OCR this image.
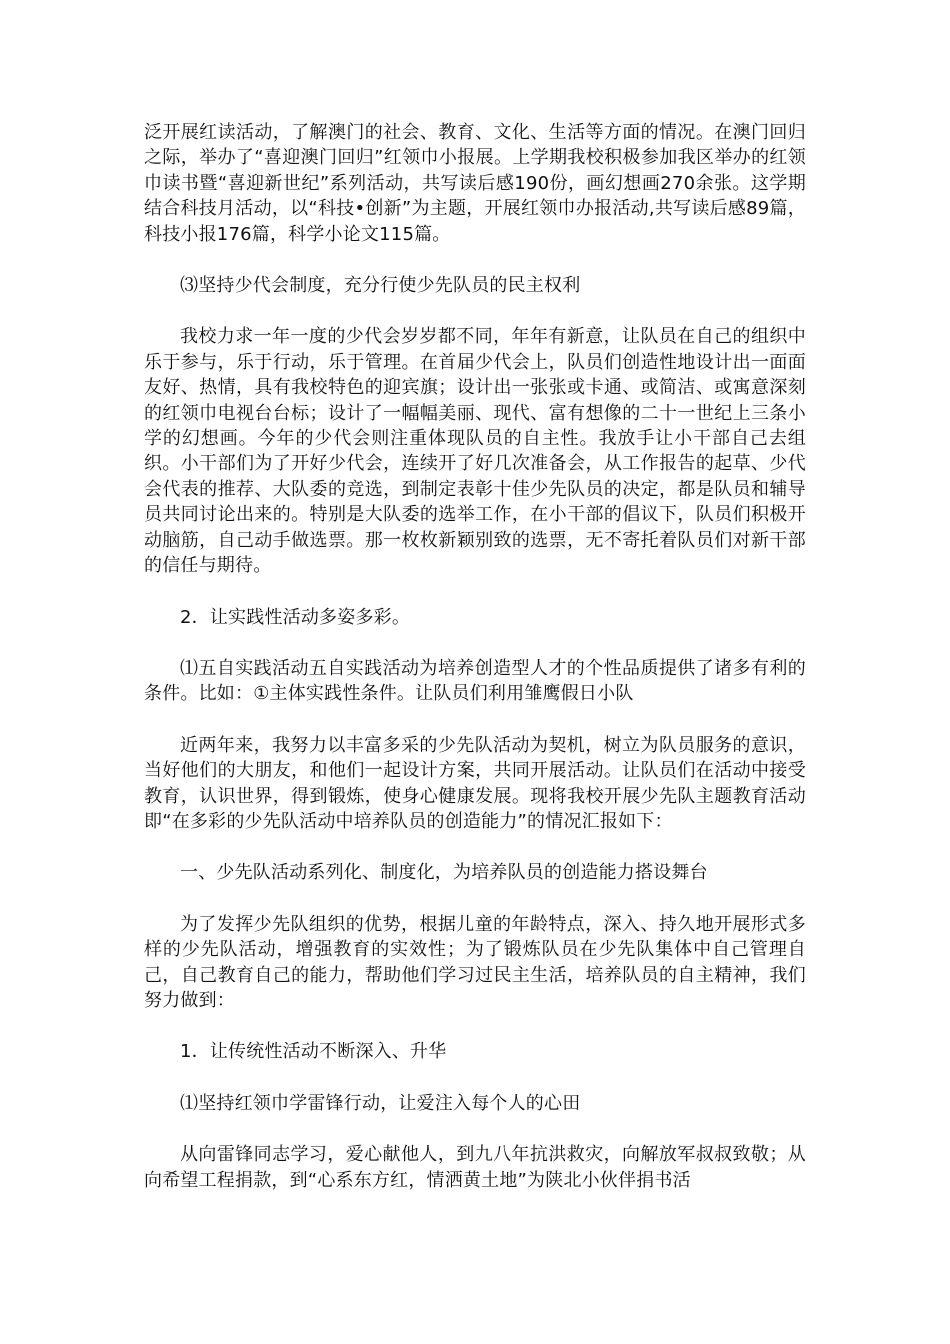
泛开展红读活动，了解澳门的社会、教育、文化、生活等方面的情况。在澳门回归之际，举办了“喜迎澳门回归”红领巾小报展。上学期我校积极参加我区举办的红领巾读书暨“喜迎新世纪”系列活动，共写读后感190份，画幻想画270余张。这学期结合科技月活动，以“科技•创新”为主题，开展红领巾办报活动,共写读后感89篇，科技小报176篇，科学小论文115篇。

⑶坚持少代会制度，充分行使少先队员的民主权利

我校力求一年一度的少代会岁岁都不同，年年有新意，让队员在自己的组织中乐于参与，乐于行动，乐于管理。在首届少代会上，队员们创造性地设计出一面面友好、热情，具有我校特色的迎宾旗；设计出一张张或卡通、或简洁、或寓意深刻的红领巾电视台台标；设计了一幅幅美丽、现代、富有想像的二十一世纪上三条小学的幻想画。今年的少代会则注重体现队员的自主性。我放手让小干部自己去组织。小干部们为了开好少代会，连续开了好几次准备会，从工作报告的起草、少代会代表的推荐、大队委的竞选，到制定表彰十佳少先队员的决定，都是队员和辅导员共同讨论出来的。特别是大队委的选举工作，在小干部的倡议下，队员们积极开动脑筋，自己动手做选票。那一枚枚新颖别致的选票，无不寄托着队员们对新干部的信任与期待。

2．让实践性活动多姿多彩。

⑴五自实践活动五自实践活动为培养创造型人才的个性品质提供了诸多有利的条件。比如：①主体实践性条件。让队员们利用雏鹰假日小队

近两年来，我努力以丰富多采的少先队活动为契机，树立为队员服务的意识，当好他们的大朋友，和他们一起设计方案，共同开展活动。让队员们在活动中接受教育，认识世界，得到锻炼，使身心健康发展。现将我校开展少先队主题教育活动即“在多彩的少先队活动中培养队员的创造能力”的情况汇报如下：

一、少先队活动系列化、制度化，为培养队员的创造能力搭设舞台

为了发挥少先队组织的优势，根据儿童的年龄特点，深入、持久地开展形式多样的少先队活动，增强教育的实效性；为了锻炼队员在少先队集体中自己管理自己，自己教育自己的能力，帮助他们学习过民主生活，培养队员的自主精神，我们努力做到：

1．让传统性活动不断深入、升华

⑴坚持红领巾学雷锋行动，让爱注入每个人的心田

从向雷锋同志学习，爱心献他人，到九八年抗洪救灾，向解放军叔叔致敬；从向希望工程捐款，到“心系东方红，情洒黄土地”为陕北小伙伴捐书活
